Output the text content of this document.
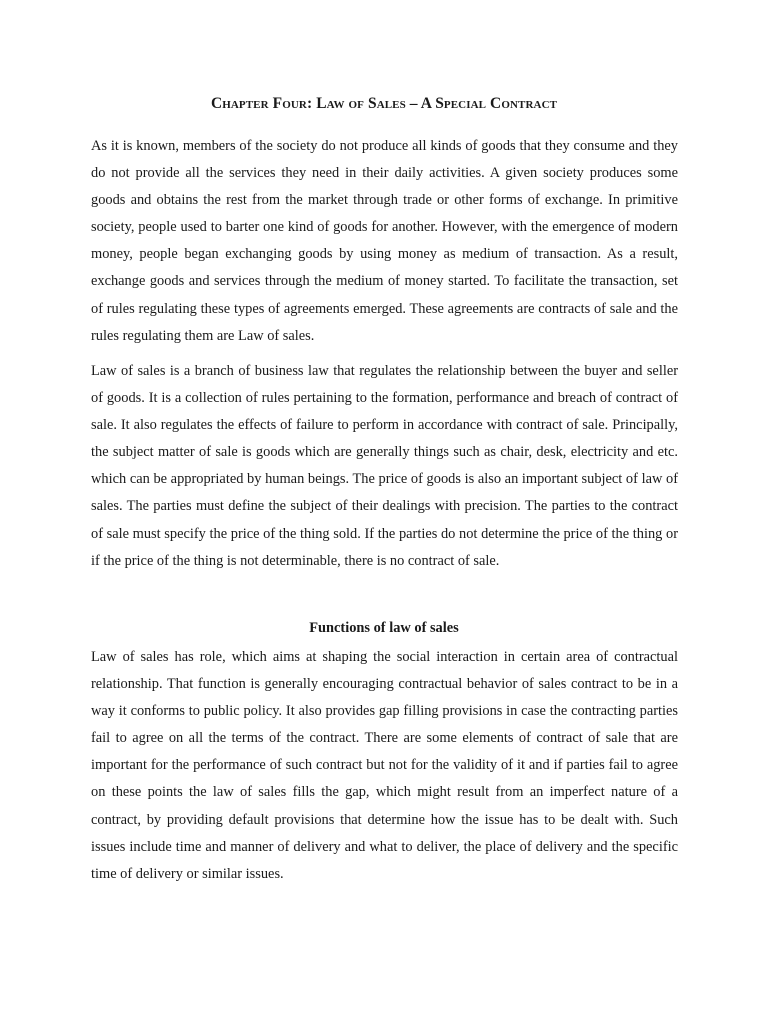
Chapter Four: Law of Sales – A Special Contract

As it is known, members of the society do not produce all kinds of goods that they consume and they do not provide all the services they need in their daily activities. A given society produces some goods and obtains the rest from the market through trade or other forms of exchange. In primitive society, people used to barter one kind of goods for another. However, with the emergence of modern money, people began exchanging goods by using money as medium of transaction. As a result, exchange goods and services through the medium of money started. To facilitate the transaction, set of rules regulating these types of agreements emerged. These agreements are contracts of sale and the rules regulating them are Law of sales.

Law of sales is a branch of business law that regulates the relationship between the buyer and seller of goods. It is a collection of rules pertaining to the formation, performance and breach of contract of sale. It also regulates the effects of failure to perform in accordance with contract of sale. Principally, the subject matter of sale is goods which are generally things such as chair, desk, electricity and etc. which can be appropriated by human beings. The price of goods is also an important subject of law of sales. The parties must define the subject of their dealings with precision. The parties to the contract of sale must specify the price of the thing sold. If the parties do not determine the price of the thing or if the price of the thing is not determinable, there is no contract of sale.

Functions of law of sales

Law of sales has role, which aims at shaping the social interaction in certain area of contractual relationship. That function is generally encouraging contractual behavior of sales contract to be in a way it conforms to public policy. It also provides gap filling provisions in case the contracting parties fail to agree on all the terms of the contract. There are some elements of contract of sale that are important for the performance of such contract but not for the validity of it and if parties fail to agree on these points the law of sales fills the gap, which might result from an imperfect nature of a contract, by providing default provisions that determine how the issue has to be dealt with. Such issues include time and manner of delivery and what to deliver, the place of delivery and the specific time of delivery or similar issues.
